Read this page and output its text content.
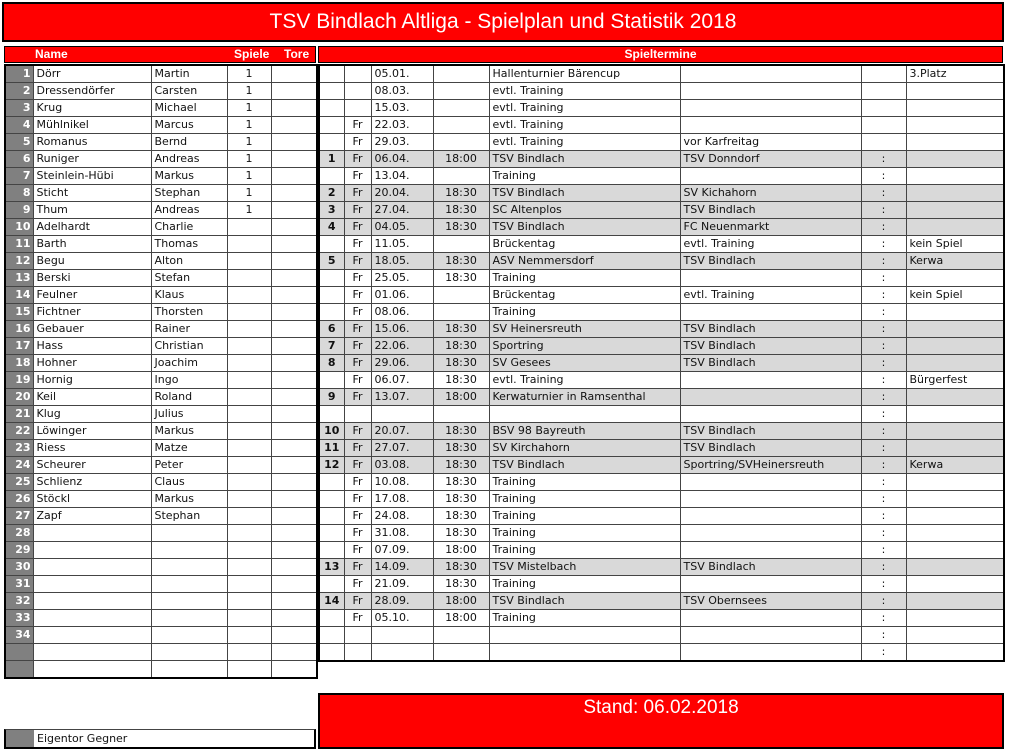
TSV Bindlach Altliga - Spielplan und Statistik 2018
Name	Spiele Tore	Spieltermine
1	Dörr	Martin	1	
2	Dressendörfer	Carsten	1	
3	Krug	Michael	1	
4	Mühlnikel	Marcus	1	
5	Romanus	Bernd	1	
6	Runiger	Andreas	1	
7	Steinlein-Hübi	Markus	1	
8	Sticht	Stephan	1	
9	Thum	Andreas	1	
10	Adelhardt	Charlie		
11	Barth	Thomas		
12	Begu	Alton		
13	Berski	Stefan		
14	Feulner	Klaus		
15	Fichtner	Thorsten		
16	Gebauer	Rainer		
17	Hass	Christian		
18	Hohner	Joachim		
19	Hornig	Ingo		
20	Keil	Roland		
21	Klug	Julius		
22	Löwinger	Markus		
23	Riess	Matze		
24	Scheurer	Peter		
25	Schlienz	Claus		
26	Stöckl	Markus		
27	Zapf	Stephan		
28				
29				
30				
31				
32				
33				
34				

Eigentor Gegner
		05.01.		Hallenturnier Bärencup			3.Platz
		08.03.		evtl. Training			
		15.03.		evtl. Training			
	Fr	22.03.		evtl. Training			
	Fr	29.03.		evtl. Training	vor Karfreitag		
1	Fr	06.04.	18:00	TSV Bindlach	TSV Donndorf	:	
	Fr	13.04.		Training		:	
2	Fr	20.04.	18:30	TSV Bindlach	SV Kichahorn	:	
3	Fr	27.04.	18:30	SC Altenplos	TSV Bindlach	:	
4	Fr	04.05.	18:30	TSV Bindlach	FC Neuenmarkt	:	
	Fr	11.05.		Brückentag	evtl. Training	:	kein Spiel
5	Fr	18.05.	18:30	ASV Nemmersdorf	TSV Bindlach	:	Kerwa
	Fr	25.05.	18:30	Training		:	
	Fr	01.06.		Brückentag	evtl. Training	:	kein Spiel
	Fr	08.06.		Training		:	
6	Fr	15.06.	18:30	SV Heinersreuth	TSV Bindlach	:	
7	Fr	22.06.	18:30	Sportring	TSV Bindlach	:	
8	Fr	29.06.	18:30	SV Gesees	TSV Bindlach	:	
	Fr	06.07.	18:30	evtl. Training		:	Bürgerfest
9	Fr	13.07.	18:00	Kerwaturnier in Ramsenthal		:	
						:	
10	Fr	20.07.	18:30	BSV 98 Bayreuth	TSV Bindlach	:	
11	Fr	27.07.	18:30	SV Kirchahorn	TSV Bindlach	:	
12	Fr	03.08.	18:30	TSV Bindlach	Sportring/SVHeinersreuth	:	Kerwa
	Fr	10.08.	18:30	Training		:	
	Fr	17.08.	18:30	Training		:	
	Fr	24.08.	18:30	Training		:	
	Fr	31.08.	18:30	Training		:	
	Fr	07.09.	18:00	Training		:	
13	Fr	14.09.	18:30	TSV Mistelbach	TSV Bindlach	:	
	Fr	21.09.	18:30	Training		:	
14	Fr	28.09.	18:00	TSV Bindlach	TSV Obernsees	:	
	Fr	05.10.	18:00	Training		:	
						:	
						:	
Stand: 06.02.2018
